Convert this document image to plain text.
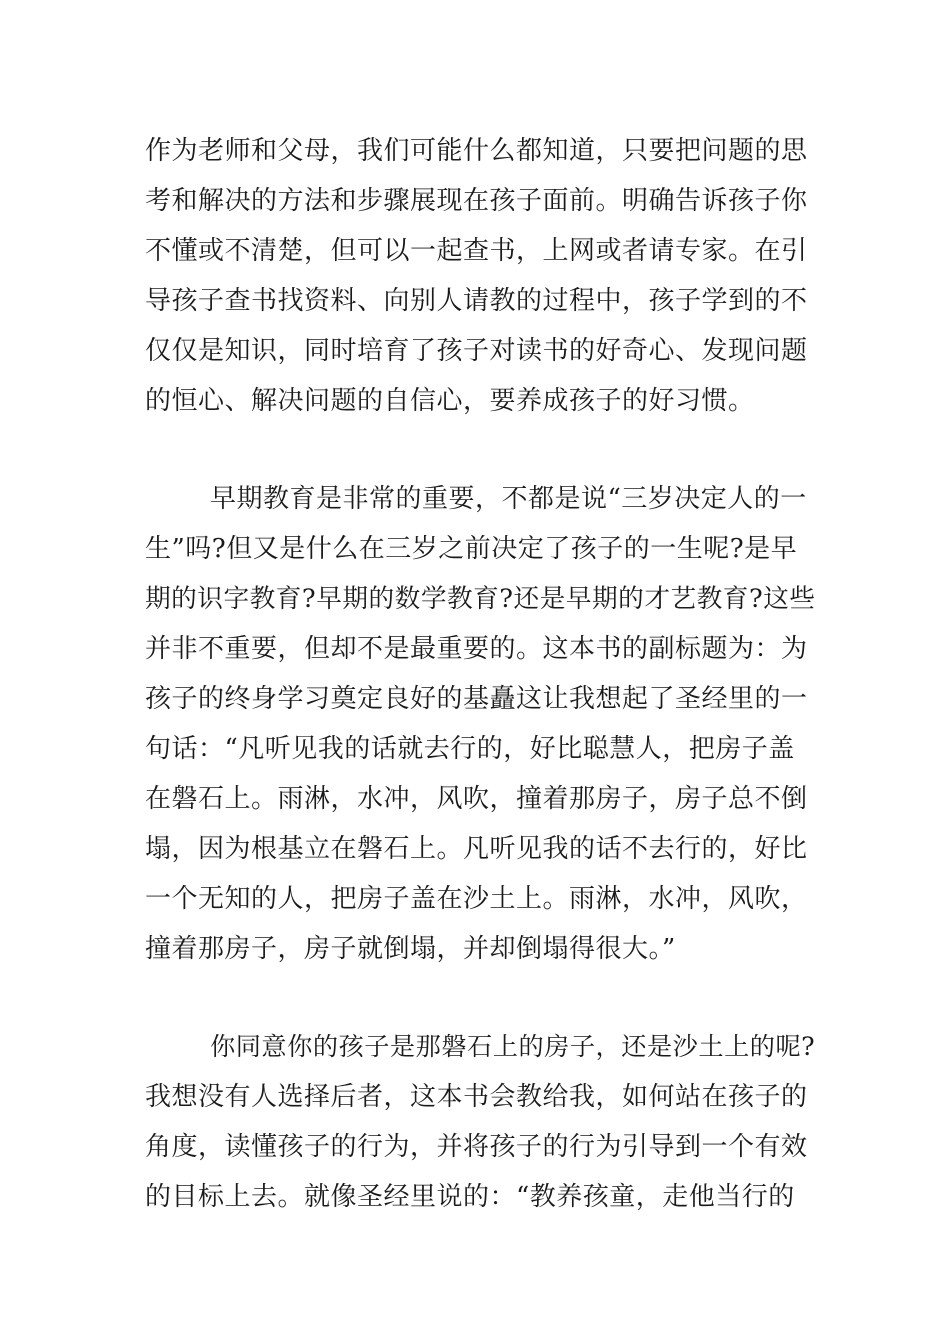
作为老师和父母，我们可能什么都知道，只要把问题的思

考和解决的方法和步骤展现在孩子面前。明确告诉孩子你

不懂或不清楚，但可以一起查书，上网或者请专家。在引

导孩子查书找资料、向别人请教的过程中，孩子学到的不

仅仅是知识，同时培育了孩子对读书的好奇心、发现问题

的恒心、解决问题的自信心，要养成孩子的好习惯。

早期教育是非常的重要，不都是说“三岁决定人的一

生”吗?但又是什么在三岁之前决定了孩子的一生呢?是早

期的识字教育?早期的数学教育?还是早期的才艺教育?这些

并非不重要，但却不是最重要的。这本书的副标题为：为

孩子的终身学习奠定良好的基矗这让我想起了圣经里的一

句话：“凡听见我的话就去行的，好比聪慧人，把房子盖

在磐石上。雨淋，水冲，风吹，撞着那房子，房子总不倒

塌，因为根基立在磐石上。凡听见我的话不去行的，好比

一个无知的人，把房子盖在沙土上。雨淋，水冲，风吹，

撞着那房子，房子就倒塌，并却倒塌得很大。”

你同意你的孩子是那磐石上的房子，还是沙土上的呢?

我想没有人选择后者，这本书会教给我，如何站在孩子的

角度，读懂孩子的行为，并将孩子的行为引导到一个有效

的目标上去。就像圣经里说的：“教养孩童，走他当行的
